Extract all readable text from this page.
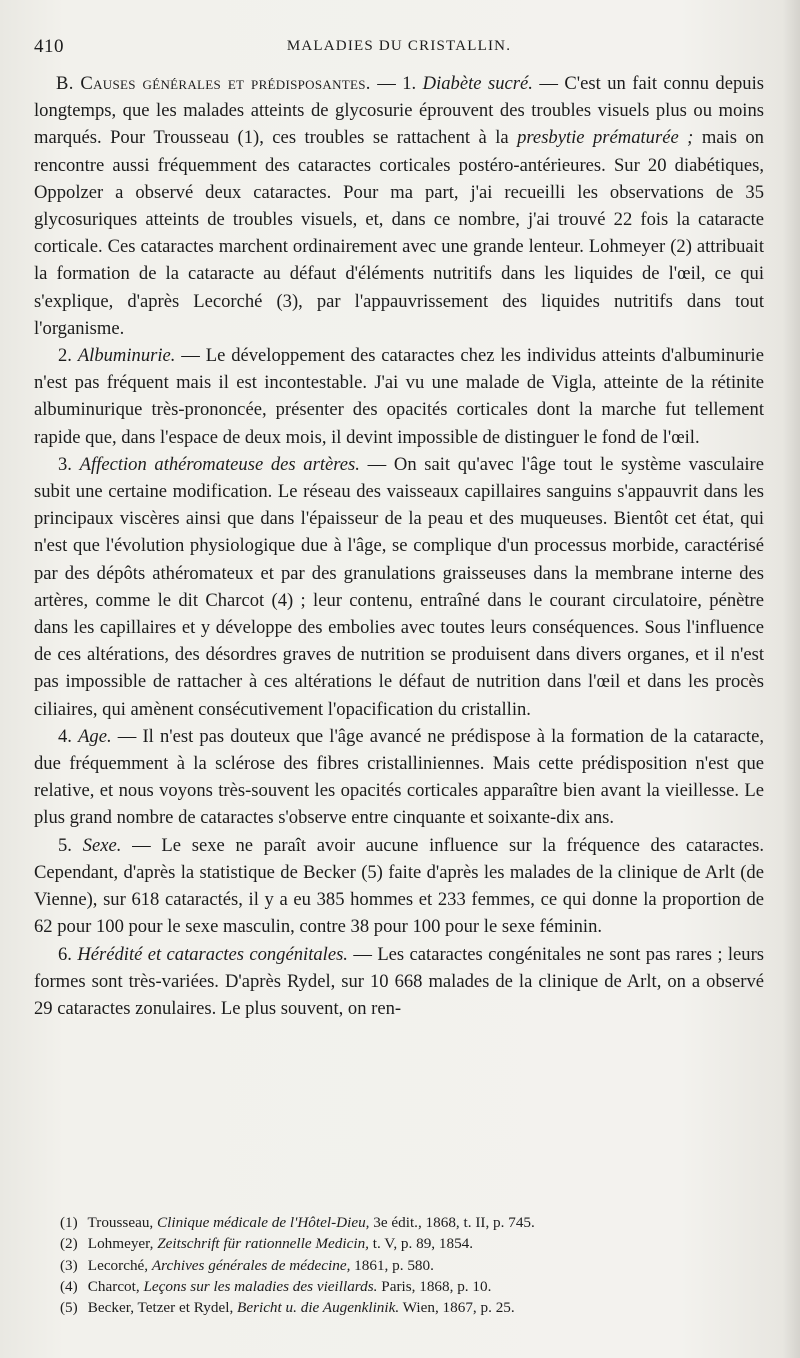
410	MALADIES DU CRISTALLIN.

B. Causes générales et prédisposantes. — 1. Diabète sucré. — C'est un fait connu depuis longtemps, que les malades atteints de glycosurie éprouvent des troubles visuels plus ou moins marqués. Pour Trousseau (1), ces troubles se rattachent à la presbytie prématurée ; mais on rencontre aussi fréquemment des cataractes corticales postéro-antérieures. Sur 20 diabétiques, Oppolzer a observé deux cataractes. Pour ma part, j'ai recueilli les observations de 35 glycosuriques atteints de troubles visuels, et, dans ce nombre, j'ai trouvé 22 fois la cataracte corticale. Ces cataractes marchent ordinairement avec une grande lenteur. Lohmeyer (2) attribuait la formation de la cataracte au défaut d'éléments nutritifs dans les liquides de l'œil, ce qui s'explique, d'après Lecorché (3), par l'appauvrissement des liquides nutritifs dans tout l'organisme.

2. Albuminurie. — Le développement des cataractes chez les individus atteints d'albuminurie n'est pas fréquent mais il est incontestable. J'ai vu une malade de Vigla, atteinte de la rétinite albuminurique très-prononcée, présenter des opacités corticales dont la marche fut tellement rapide que, dans l'espace de deux mois, il devint impossible de distinguer le fond de l'œil.

3. Affection athéromateuse des artères. — On sait qu'avec l'âge tout le système vasculaire subit une certaine modification. Le réseau des vaisseaux capillaires sanguins s'appauvrit dans les principaux viscères ainsi que dans l'épaisseur de la peau et des muqueuses. Bientôt cet état, qui n'est que l'évolution physiologique due à l'âge, se complique d'un processus morbide, caractérisé par des dépôts athéromateux et par des granulations graisseuses dans la membrane interne des artères, comme le dit Charcot (4) ; leur contenu, entraîné dans le courant circulatoire, pénètre dans les capillaires et y développe des embolies avec toutes leurs conséquences. Sous l'influence de ces altérations, des désordres graves de nutrition se produisent dans divers organes, et il n'est pas impossible de rattacher à ces altérations le défaut de nutrition dans l'œil et dans les procès ciliaires, qui amènent consécutivement l'opacification du cristallin.

4. Age. — Il n'est pas douteux que l'âge avancé ne prédispose à la formation de la cataracte, due fréquemment à la sclérose des fibres cristalliniennes. Mais cette prédisposition n'est que relative, et nous voyons très-souvent les opacités corticales apparaître bien avant la vieillesse. Le plus grand nombre de cataractes s'observe entre cinquante et soixante-dix ans.

5. Sexe. — Le sexe ne paraît avoir aucune influence sur la fréquence des cataractes. Cependant, d'après la statistique de Becker (5) faite d'après les malades de la clinique de Arlt (de Vienne), sur 618 cataractés, il y a eu 385 hommes et 233 femmes, ce qui donne la proportion de 62 pour 100 pour le sexe masculin, contre 38 pour 100 pour le sexe féminin.

6. Hérédité et cataractes congénitales. — Les cataractes congénitales ne sont pas rares ; leurs formes sont très-variées. D'après Rydel, sur 10 668 malades de la clinique de Arlt, on a observé 29 cataractes zonulaires. Le plus souvent, on ren-

(1) Trousseau, Clinique médicale de l'Hôtel-Dieu, 3e édit., 1868, t. II, p. 745.
(2) Lohmeyer, Zeitschrift für rationnelle Medicin, t. V, p. 89, 1854.
(3) Lecorché, Archives générales de médecine, 1861, p. 580.
(4) Charcot, Leçons sur les maladies des vieillards. Paris, 1868, p. 10.
(5) Becker, Tetzer et Rydel, Bericht u. die Augenklinik. Wien, 1867, p. 25.
